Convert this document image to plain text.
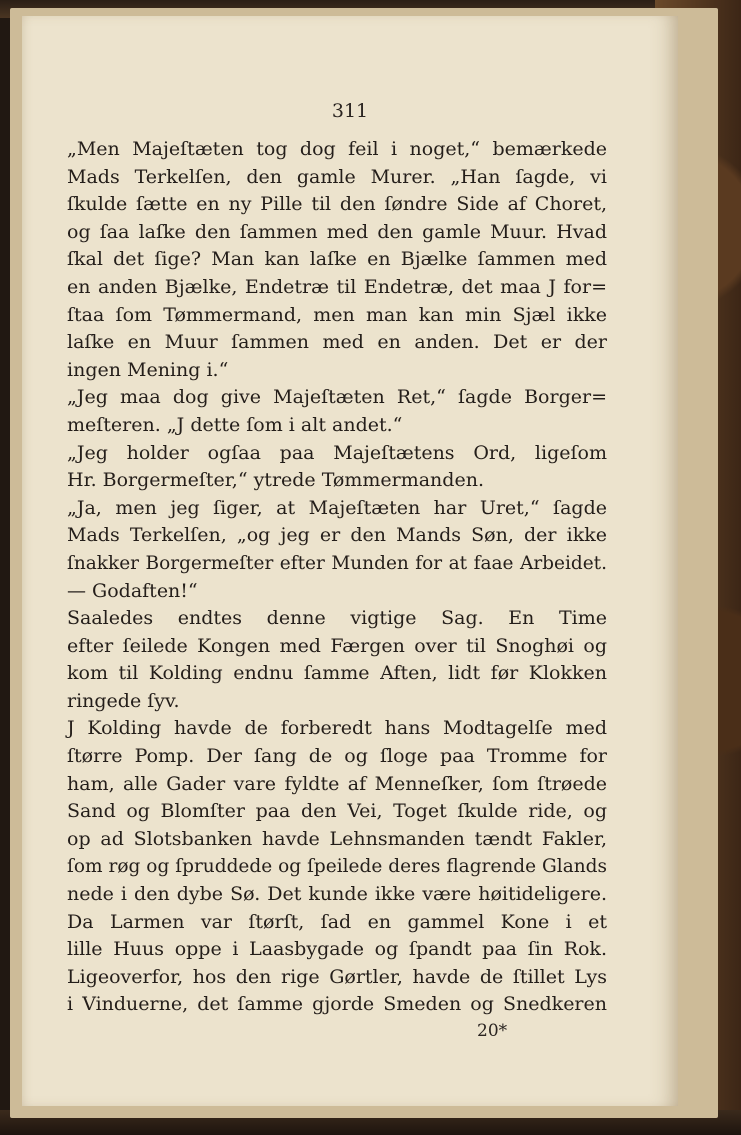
311

„Men Majeſtæten tog dog feil i noget,“ bemærkede
Mads Terkelſen, den gamle Murer. „Han ſagde, vi
ſkulde ſætte en ny Pille til den ſøndre Side af Choret,
og ſaa laſke den ſammen med den gamle Muur. Hvad
ſkal det ſige? Man kan laſke en Bjælke ſammen med
en anden Bjælke, Endetræ til Endetræ, det maa J for=
ſtaa ſom Tømmermand, men man kan min Sjæl ikke
laſke en Muur ſammen med en anden. Det er der
ingen Mening i.“
„Jeg maa dog give Majeſtæten Ret,“ ſagde Borger=
meſteren. „J dette ſom i alt andet.“
„Jeg holder ogſaa paa Majeſtætens Ord, ligeſom
Hr. Borgermeſter,“ ytrede Tømmermanden.
„Ja, men jeg ſiger, at Majeſtæten har Uret,“ ſagde
Mads Terkelſen, „og jeg er den Mands Søn, der ikke
ſnakker Borgermeſter efter Munden for at faae Arbeidet.
— Godaften!“
Saaledes endtes denne vigtige Sag. En Time
efter ſeilede Kongen med Færgen over til Snoghøi og
kom til Kolding endnu ſamme Aften, lidt før Klokken
ringede ſyv.
J Kolding havde de forberedt hans Modtagelſe med
ſtørre Pomp. Der ſang de og ſloge paa Tromme for
ham, alle Gader vare fyldte af Menneſker, ſom ſtrøede
Sand og Blomſter paa den Vei, Toget ſkulde ride, og
op ad Slotsbanken havde Lehnsmanden tændt Fakler,
ſom røg og ſpruddede og ſpeilede deres flagrende Glands
nede i den dybe Sø. Det kunde ikke være høitideligere.
Da Larmen var ſtørſt, ſad en gammel Kone i et
lille Huus oppe i Laasbygade og ſpandt paa ſin Rok.
Ligeoverfor, hos den rige Gørtler, havde de ſtillet Lys
i Vinduerne, det ſamme gjorde Smeden og Snedkeren
20*
